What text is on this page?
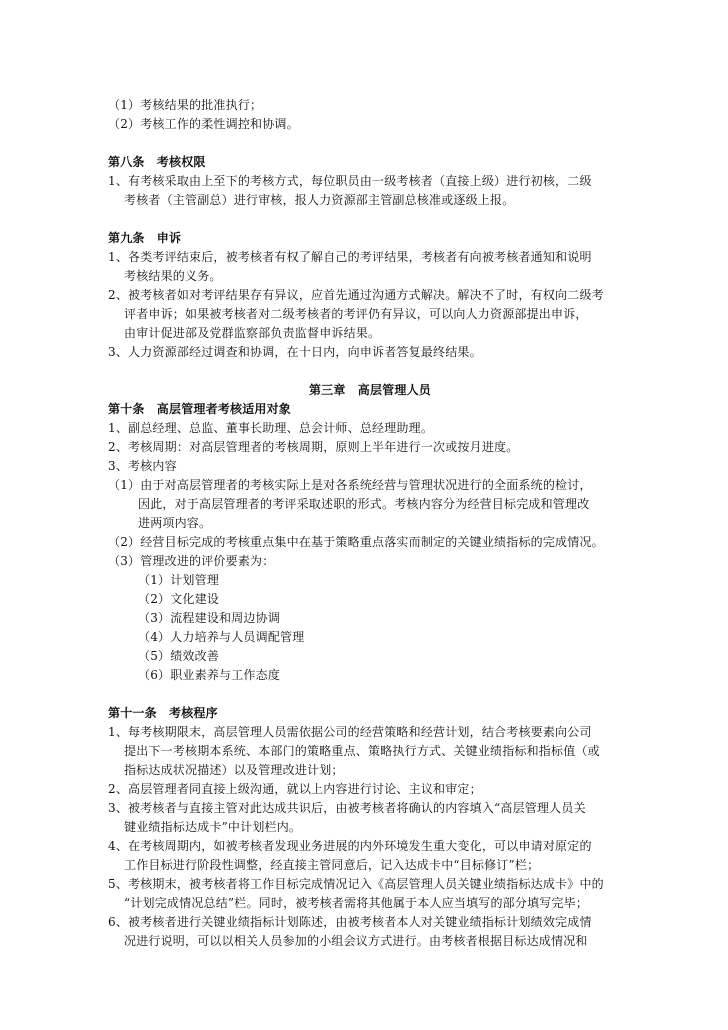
（1）考核结果的批准执行；
（2）考核工作的柔性调控和协调。
第八条　考核权限
1、有考核采取由上至下的考核方式，每位职员由一级考核者（直接上级）进行初核，二级
考核者（主管副总）进行审核，报人力资源部主管副总核准或逐级上报。
第九条　申诉
1、各类考评结束后，被考核者有权了解自己的考评结果，考核者有向被考核者通知和说明
考核结果的义务。
2、被考核者如对考评结果存有异议，应首先通过沟通方式解决。解决不了时，有权向二级考
评者申诉；如果被考核者对二级考核者的考评仍有异议，可以向人力资源部提出申诉，
由审计促进部及党群监察部负责监督申诉结果。
3、人力资源部经过调查和协调，在十日内，向申诉者答复最终结果。
第三章　高层管理人员
第十条　高层管理者考核适用对象
1、副总经理、总监、董事长助理、总会计师、总经理助理。
2、考核周期：对高层管理者的考核周期，原则上半年进行一次或按月进度。
3、考核内容
（1）由于对高层管理者的考核实际上是对各系统经营与管理状况进行的全面系统的检讨，
因此，对于高层管理者的考评采取述职的形式。考核内容分为经营目标完成和管理改
进两项内容。
（2）经营目标完成的考核重点集中在基于策略重点落实而制定的关键业绩指标的完成情况。
（3）管理改进的评价要素为：
（1）计划管理
（2）文化建设
（3）流程建设和周边协调
（4）人力培养与人员调配管理
（5）绩效改善
（6）职业素养与工作态度
第十一条　考核程序
1、每考核期限末，高层管理人员需依据公司的经营策略和经营计划，结合考核要素向公司
提出下一考核期本系统、本部门的策略重点、策略执行方式、关键业绩指标和指标值（或
指标达成状况描述）以及管理改进计划；
2、高层管理者同直接上级沟通，就以上内容进行讨论、主议和审定；
3、被考核者与直接主管对此达成共识后，由被考核者将确认的内容填入“高层管理人员关
键业绩指标达成卡”中计划栏内。
4、在考核周期内，如被考核者发现业务进展的内外环境发生重大变化，可以申请对原定的
工作目标进行阶段性调整，经直接主管同意后，记入达成卡中“目标修订”栏；
5、考核期末，被考核者将工作目标完成情况记入《高层管理人员关键业绩指标达成卡》中的
“计划完成情况总结”栏。同时，被考核者需将其他属于本人应当填写的部分填写完毕；
6、被考核者进行关键业绩指标计划陈述，由被考核者本人对关键业绩指标计划绩效完成情
况进行说明，可以以相关人员参加的小组会议方式进行。由考核者根据目标达成情况和
